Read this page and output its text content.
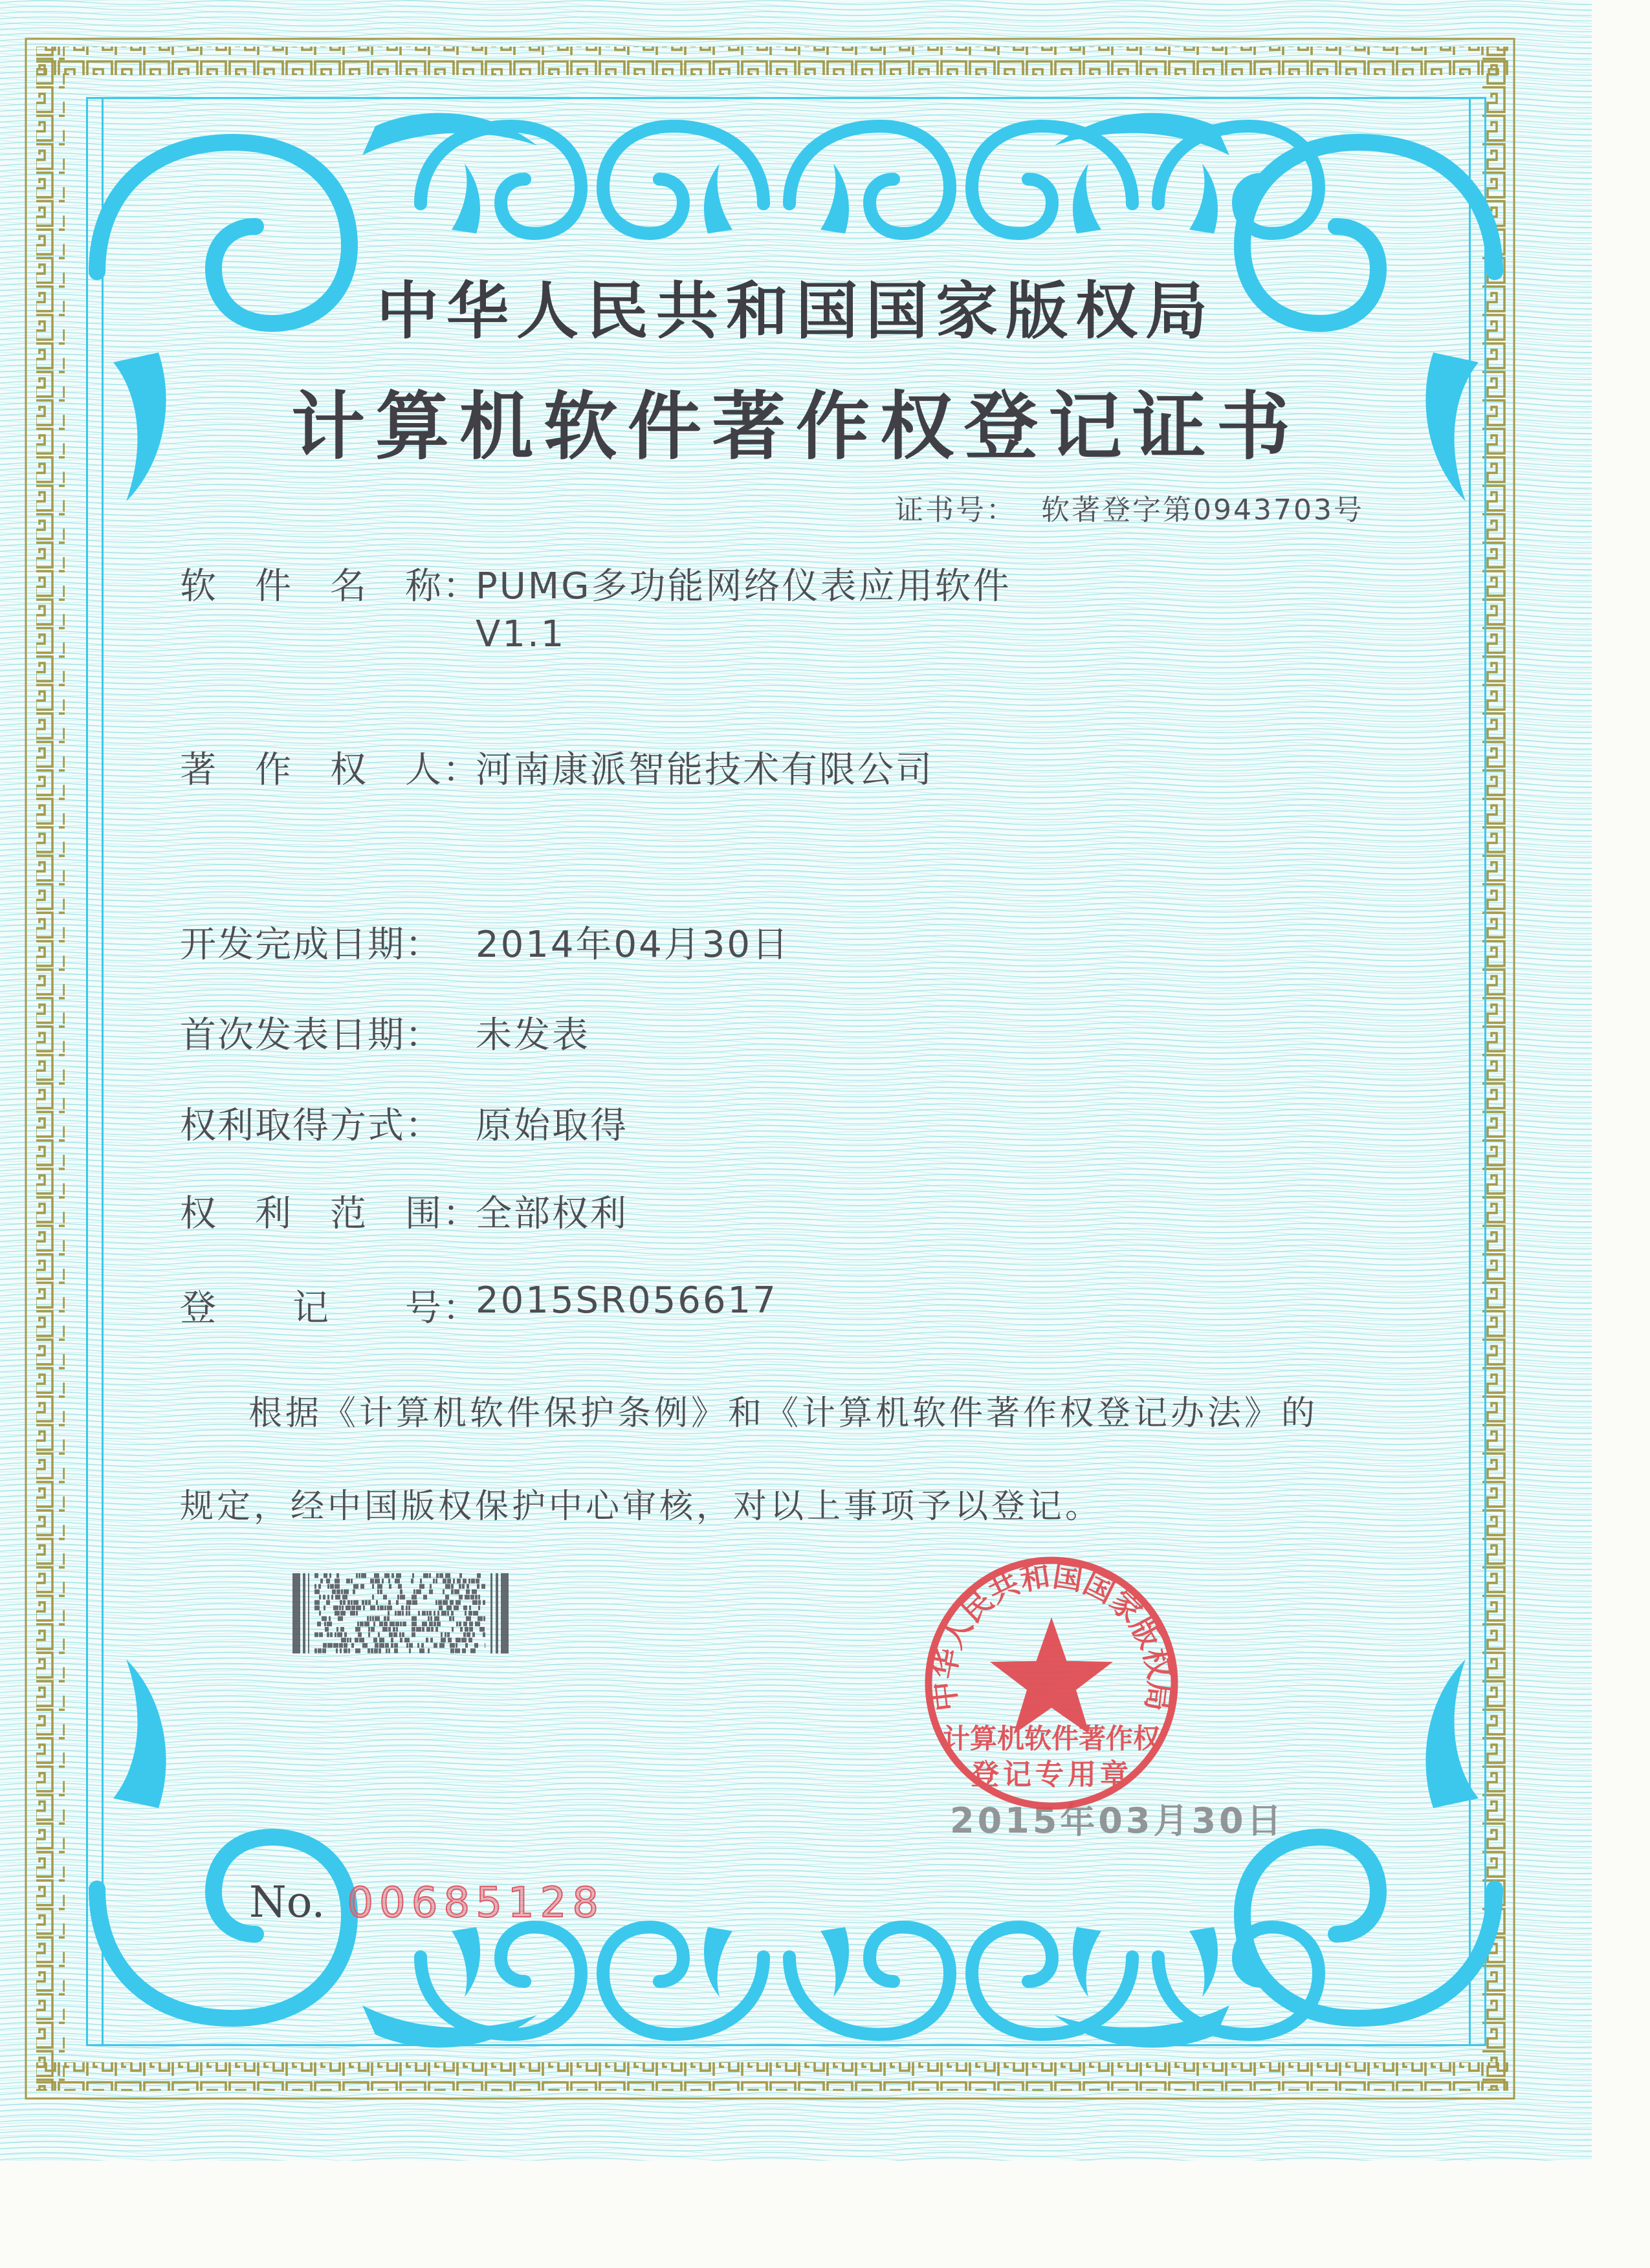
中华人民共和国国家版权局
计算机软件著作权登记证书
证书号： 软著登字第0943703号
软　件　名　称：
PUMG多功能网络仪表应用软件
V1.1
著　作　权　人：
河南康派智能技术有限公司
开发完成日期： 2014年04月30日
首次发表日期： 未发表
权利取得方式： 原始取得
权　利　范　围：
全部权利
登　　记　　号：
2015SR056617
根据《计算机软件保护条例》和《计算机软件著作权登记办法》的
规定，经中国版权保护中心审核，对以上事项予以登记。
2015年03月30日
中华人民共和国国家版权局
计算机软件著作权
登记专用章
No. 00685128
